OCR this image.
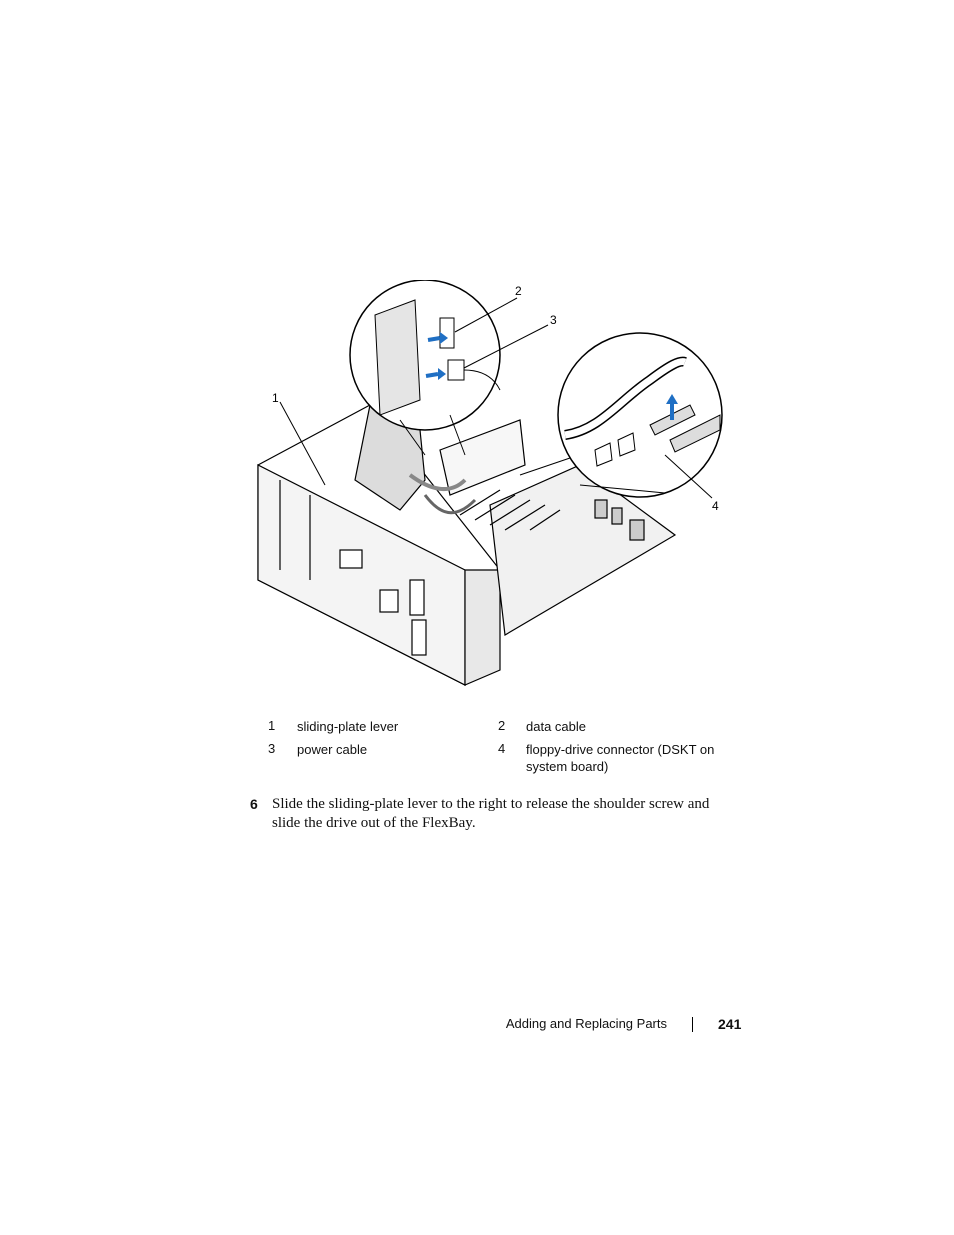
1
2
3
4
1	sliding-plate lever	2	data cable
3	power cable	4	floppy-drive connector (DSKT on system board)
6 Slide the sliding-plate lever to the right to release the shoulder screw and slide the drive out of the FlexBay.
Adding and Replacing Parts	241
